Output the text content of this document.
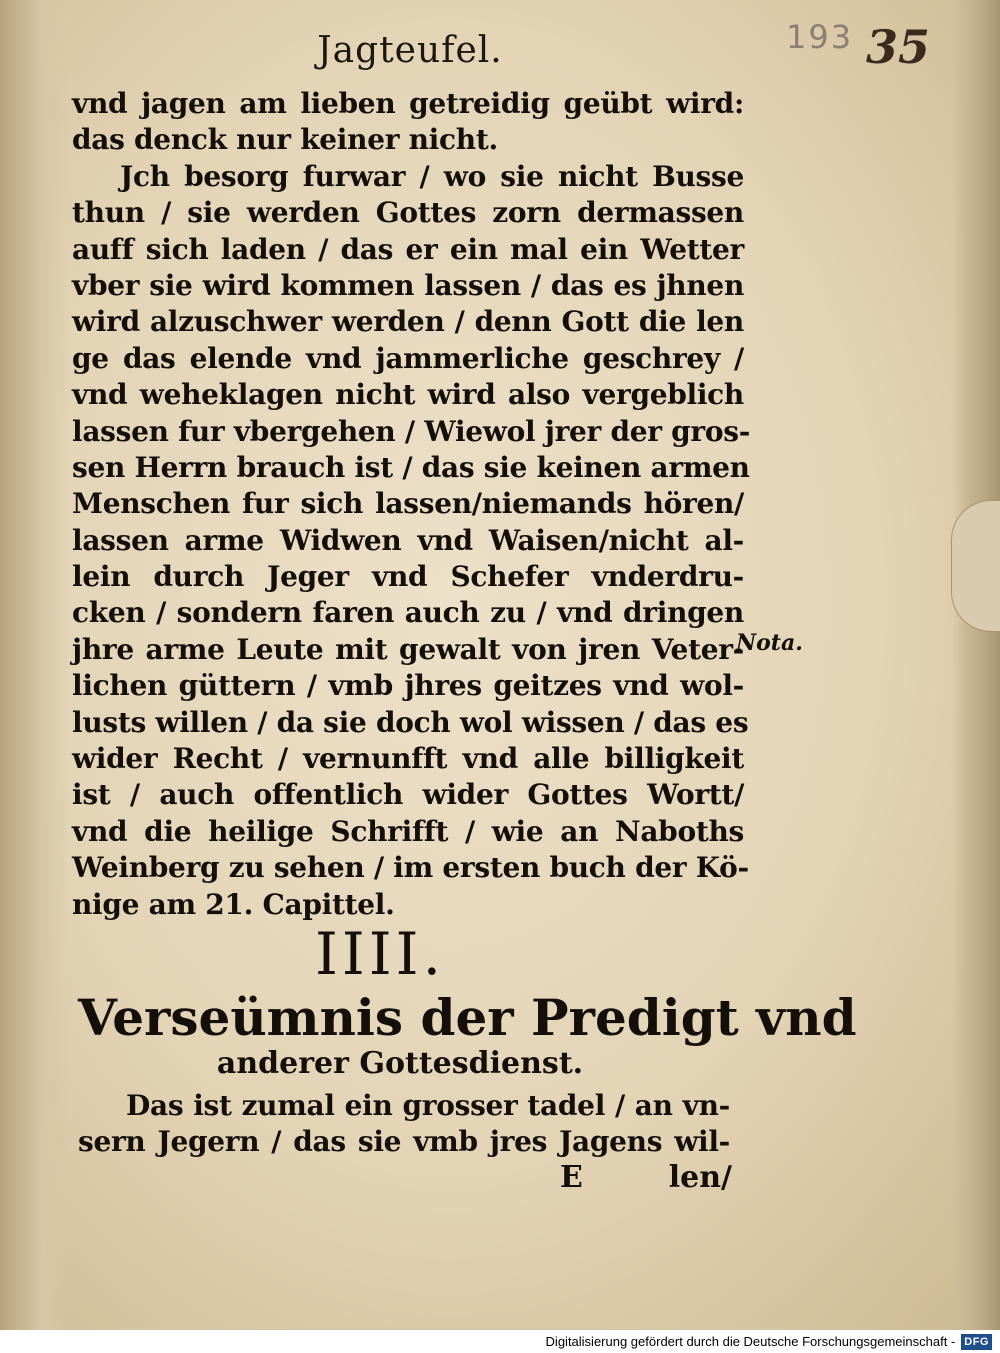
193 35
Jagteufel.
vnd jagen am lieben getreidig geübt wird:
das denck nur keiner nicht.
Jch besorg furwar / wo sie nicht Busse
thun / sie werden Gottes zorn dermassen
auff sich laden / das er ein mal ein Wetter
vber sie wird kommen lassen / das es jhnen
wird alzuschwer werden / denn Gott die len
ge das elende vnd jammerliche geschrey /
vnd weheklagen nicht wird also vergeblich
lassen fur vbergehen / Wiewol jrer der gros-
sen Herrn brauch ist / das sie keinen armen
Menschen fur sich lassen/niemands hören/
lassen arme Widwen vnd Waisen/nicht al-
lein durch Jeger vnd Schefer vnderdru-
cken / sondern faren auch zu / vnd dringen
jhre arme Leute mit gewalt von jren Veter-
lichen güttern / vmb jhres geitzes vnd wol-
lusts willen / da sie doch wol wissen / das es
wider Recht / vernunfft vnd alle billigkeit
ist / auch offentlich wider Gottes Wortt/
vnd die heilige Schrifft / wie an Naboths
Weinberg zu sehen / im ersten buch der Kö-
nige am 21. Capittel.
Nota.
IIII.
Verseümnis der Predigt vnd
anderer Gottesdienst.
Das ist zumal ein grosser tadel / an vn-
sern Jegern / das sie vmb jres Jagens wil-
E	len/
Digitalisierung gefördert durch die Deutsche Forschungsgemeinschaft - DFG
